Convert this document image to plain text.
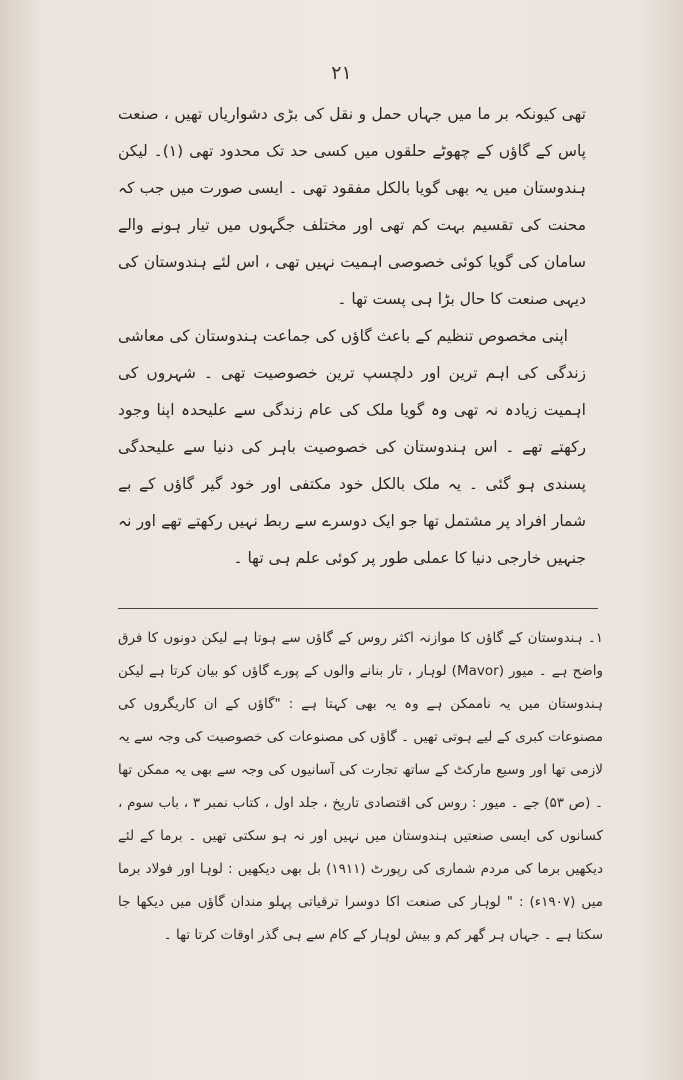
۲۱

تھی کیونکہ بر ما میں جہاں حمل و نقل کی بڑی دشواریاں تھیں ، صنعت پاس کے گاؤں کے چھوٹے حلقوں میں کسی حد تک محدود تھی (۱)۔ لیکن ہندوستان میں یہ بھی گویا بالکل مفقود تھی ۔ ایسی صورت میں جب کہ محنت کی تقسیم بہت کم تھی اور مختلف جگہوں میں تیار ہونے والے سامان کی گویا کوئی خصوصی اہمیت نہیں تھی ، اس لئے ہندوستان کی دیہی صنعت کا حال بڑا ہی پست تھا ۔

اپنی مخصوص تنظیم کے باعث گاؤں کی جماعت ہندوستان کی معاشی زندگی کی اہم ترین اور دلچسپ ترین خصوصیت تھی ۔ شہروں کی اہمیت زیادہ نہ تھی وہ گویا ملک کی عام زندگی سے علیحدہ اپنا وجود رکھتے تھے ۔ اس ہندوستان کی خصوصیت باہر کی دنیا سے علیحدگی پسندی ہو گئی ۔ یہ ملک بالکل خود مکتفی اور خود گیر گاؤں کے بے شمار افراد پر مشتمل تھا جو ایک دوسرے سے ربط نہیں رکھتے تھے اور نہ جنہیں خارجی دنیا کا عملی طور پر کوئی علم ہی تھا ۔

۱۔ ہندوستان کے گاؤں کا موازنہ اکثر روس کے گاؤں سے ہوتا ہے لیکن دونوں کا فرق واضح ہے ۔ میور (Mavor) لوہار ، تار بنانے والوں کے پورے گاؤں کو بیان کرتا ہے لیکن ہندوستان میں یہ ناممکن ہے وہ یہ بھی کہتا ہے : "گاؤں کے ان کاریگروں کی مصنوعات کبری کے لیے ہوتی تھیں ۔ گاؤں کی مصنوعات کی خصوصیت کی وجہ سے یہ لازمی تھا اور وسیع مارکٹ کے ساتھ تجارت کی آسانیوں کی وجہ سے بھی یہ ممکن تھا ۔ (ص ۵۳) جے ۔ میور : روس کی اقتصادی تاریخ ، جلد اول ، کتاب نمبر ۳ ، باب سوم ، کسانوں کی ایسی صنعتیں ہندوستان میں نہیں اور نہ ہو سکتی تھیں ۔ برما کے لئے دیکھیں برما کی مردم شماری کی رپورٹ (۱۹۱۱) بل بھی دیکھیں : لوہا اور فولاد برما میں (۱۹۰۷ء) : " لوہار کی صنعت اکا دوسرا ترقیاتی پہلو مندان گاؤں میں دیکھا جا سکتا ہے ۔ جہاں ہر گھر کم و بیش لوہار کے کام سے ہی گذر اوقات کرتا تھا ۔
